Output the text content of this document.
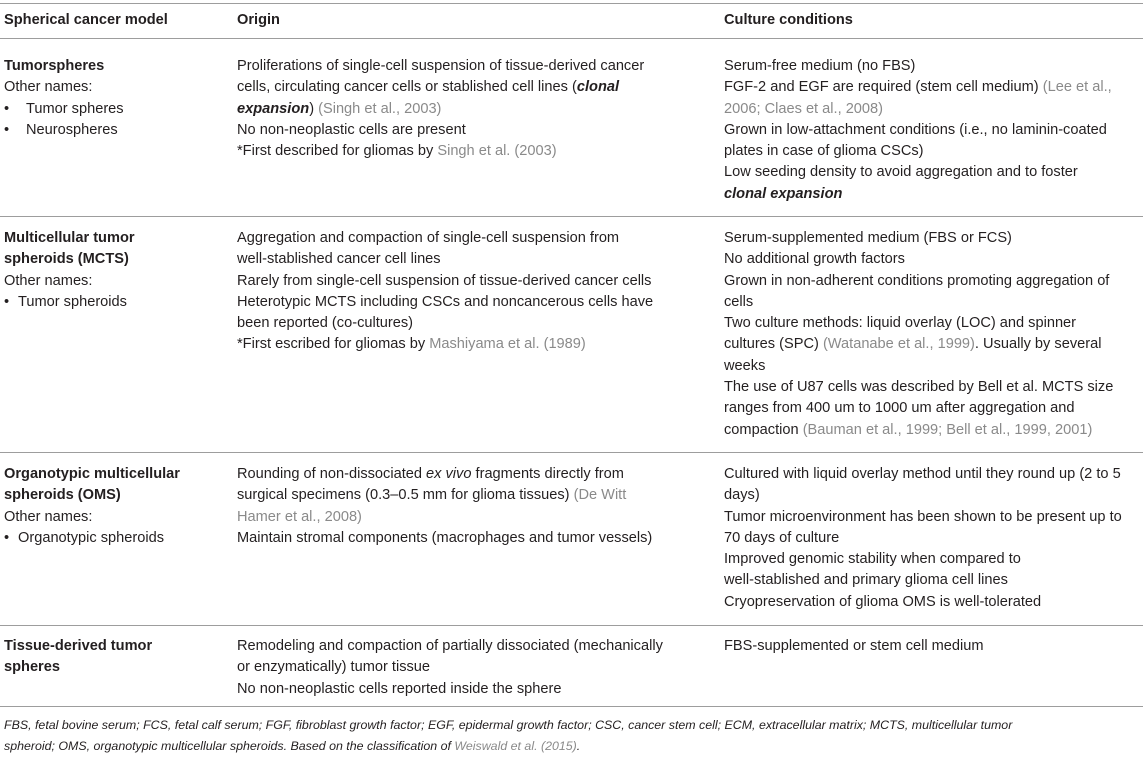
Spherical cancer model	Origin	Culture conditions
Tumorspheres
Other names:
• Tumor spheres
• Neurospheres
Proliferations of single-cell suspension of tissue-derived cancer
cells, circulating cancer cells or stablished cell lines (clonal
expansion) (Singh et al., 2003)
No non-neoplastic cells are present
*First described for gliomas by Singh et al. (2003)
Serum-free medium (no FBS)
FGF-2 and EGF are required (stem cell medium) (Lee et al.,
2006; Claes et al., 2008)
Grown in low-attachment conditions (i.e., no laminin-coated
plates in case of glioma CSCs)
Low seeding density to avoid aggregation and to foster
clonal expansion
Multicellular tumor
spheroids (MCTS)
Other names:
• Tumor spheroids
Aggregation and compaction of single-cell suspension from
well-stablished cancer cell lines
Rarely from single-cell suspension of tissue-derived cancer cells
Heterotypic MCTS including CSCs and noncancerous cells have
been reported (co-cultures)
*First escribed for gliomas by Mashiyama et al. (1989)
Serum-supplemented medium (FBS or FCS)
No additional growth factors
Grown in non-adherent conditions promoting aggregation of
cells
Two culture methods: liquid overlay (LOC) and spinner
cultures (SPC) (Watanabe et al., 1999). Usually by several
weeks
The use of U87 cells was described by Bell et al. MCTS size
ranges from 400 um to 1000 um after aggregation and
compaction (Bauman et al., 1999; Bell et al., 1999, 2001)
Organotypic multicellular
spheroids (OMS)
Other names:
• Organotypic spheroids
Rounding of non-dissociated ex vivo fragments directly from
surgical specimens (0.3–0.5 mm for glioma tissues) (De Witt
Hamer et al., 2008)
Maintain stromal components (macrophages and tumor vessels)
Cultured with liquid overlay method until they round up (2 to 5
days)
Tumor microenvironment has been shown to be present up to
70 days of culture
Improved genomic stability when compared to
well-stablished and primary glioma cell lines
Cryopreservation of glioma OMS is well-tolerated
Tissue-derived tumor
spheres
Remodeling and compaction of partially dissociated (mechanically
or enzymatically) tumor tissue
No non-neoplastic cells reported inside the sphere
FBS-supplemented or stem cell medium
FBS, fetal bovine serum; FCS, fetal calf serum; FGF, fibroblast growth factor; EGF, epidermal growth factor; CSC, cancer stem cell; ECM, extracellular matrix; MCTS, multicellular tumor
spheroid; OMS, organotypic multicellular spheroids. Based on the classification of Weiswald et al. (2015).
